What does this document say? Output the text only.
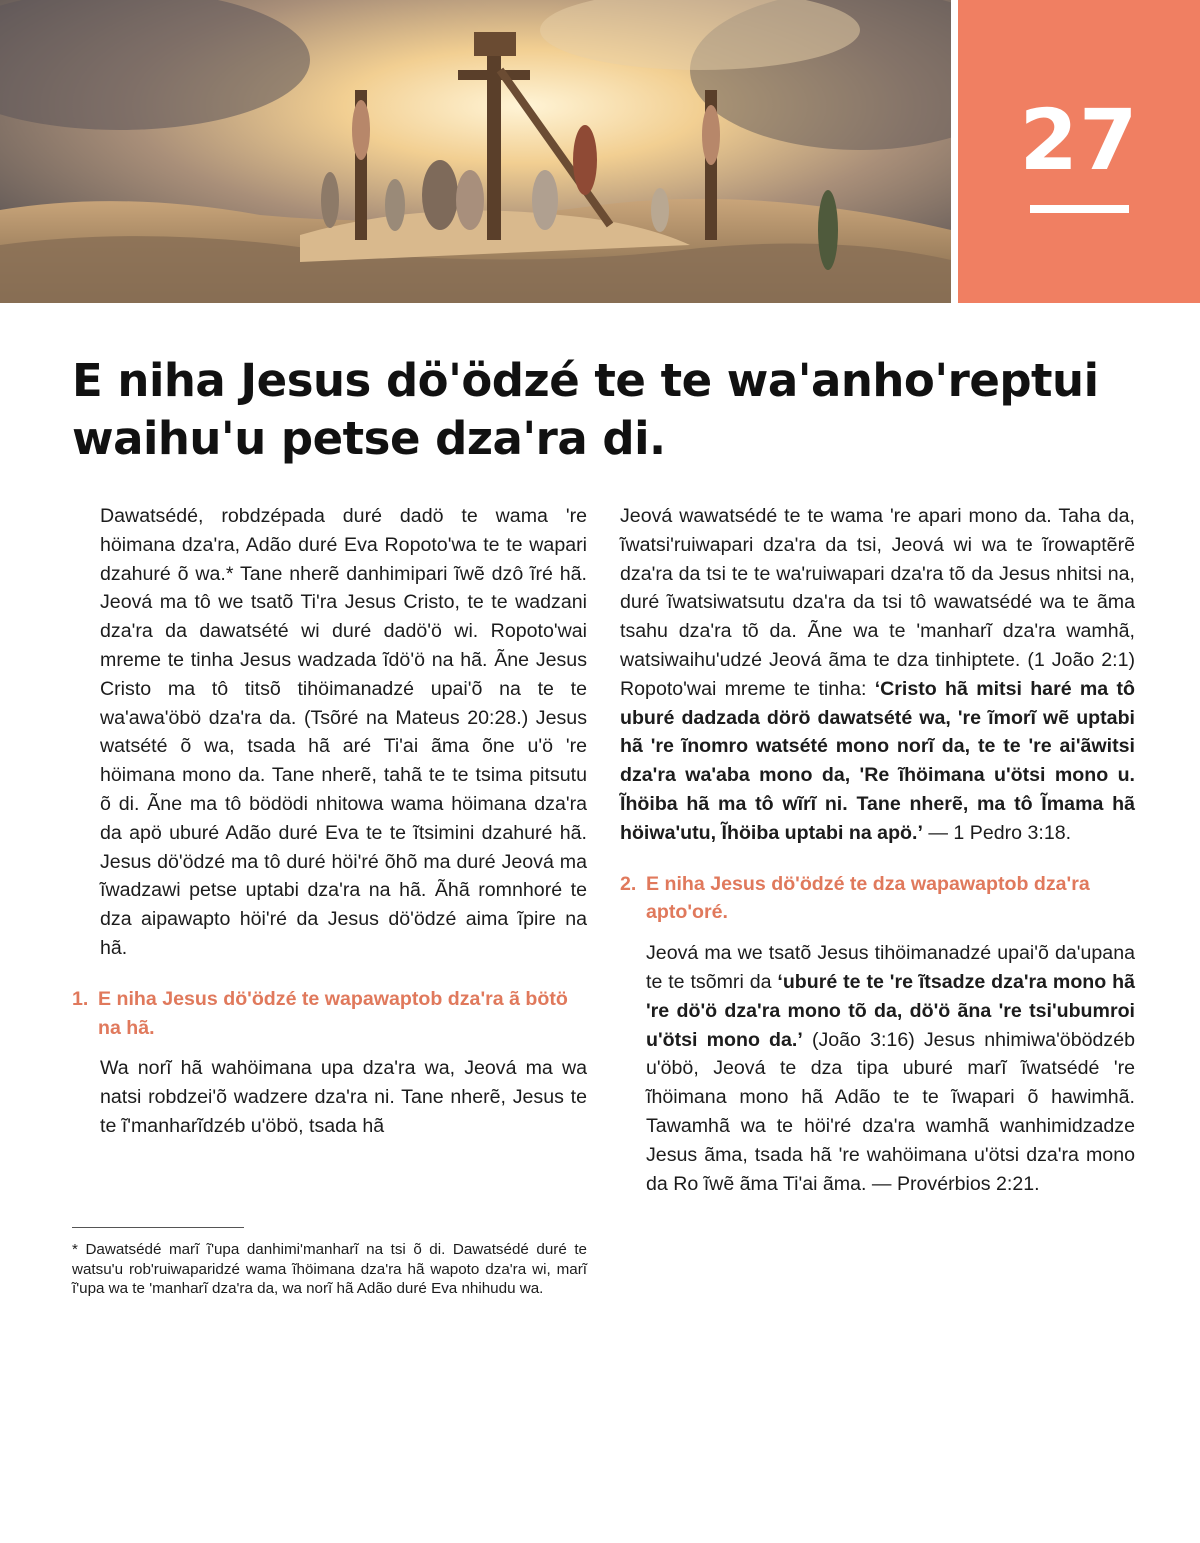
27
E niha Jesus dö'ödzé te te wa'anho'reptui waihu'u petse dza'ra di.

Dawatsédé, robdzépada duré dadö te wama 're höimana dza'ra, Adão duré Eva Ropoto'wa te te wapari dzahuré õ wa.* Tane nherẽ danhimipari ĩwẽ dzô ĩré hã. Jeová ma tô we tsatõ Ti'ra Jesus Cristo, te te wadzani dza'ra da dawatsété wi duré dadö'ö wi. Ropoto'wai mreme te tinha Jesus wadzada ĩdö'ö na hã. Ãne Jesus Cristo ma tô titsõ tihöimanadzé upai'õ na te te wa'awa'öbö dza'ra da. (Tsõré na Mateus 20:28.) Jesus watsété õ wa, tsada hã aré Ti'ai ãma õne u'ö 're höimana mono da. Tane nherẽ, tahã te te tsima pitsutu õ di. Ãne ma tô bödödi nhitowa wama höimana dza'ra da apö uburé Adão duré Eva te te ĩtsimini dzahuré hã. Jesus dö'ödzé ma tô duré höi'ré õhõ ma duré Jeová ma ĩwadzawi petse uptabi dza'ra na hã. Ãhã romnhoré te dza aipawapto höi'ré da Jesus dö'ödzé aima ĩpire na hã.

1. E niha Jesus dö'ödzé te wapawaptob dza'ra ã bötö na hã.

Wa norĩ hã wahöimana upa dza'ra wa, Jeová ma wa natsi robdzei'õ wadzere dza'ra ni. Tane nherẽ, Jesus te te ĩ'manharĩdzéb u'öbö, tsada hã

* Dawatsédé marĩ ĩ'upa danhimi'manharĩ na tsi õ di. Dawatsédé duré te watsu'u rob'ruiwaparidzé wama ĩhöimana dza'ra hã wapoto dza'ra wi, marĩ ĩ'upa wa te 'manharĩ dza'ra da, wa norĩ hã Adão duré Eva nhihudu wa.

Jeová wawatsédé te te wama 're apari mono da. Taha da, ĩwatsi'ruiwapari dza'ra da tsi, Jeová wi wa te ĩrowaptẽrẽ dza'ra da tsi te te wa'ruiwapari dza'ra tõ da Jesus nhitsi na, duré ĩwatsiwatsutu dza'ra da tsi tô wawatsédé wa te ãma tsahu dza'ra tõ da. Ãne wa te 'manharĩ dza'ra wamhã, watsiwaihu'udzé Jeová ãma te dza tinhiptete. (1 João 2:1) Ropoto'wai mreme te tinha: ‘Cristo hã mitsi haré ma tô uburé dadzada dörö dawatsété wa, 're ĩmorĩ wẽ uptabi hã 're ĩnomro watsété mono norĩ da, te te 're ai'ãwitsi dza'ra wa'aba mono da, 'Re ĩhöimana u'ötsi mono u. Ĩhöiba hã ma tô wĩrĩ ni. Tane nherẽ, ma tô Ĩmama hã höiwa'utu, Ĩhöiba uptabi na apö.’ — 1 Pedro 3:18.

2. E niha Jesus dö'ödzé te dza wapawaptob dza'ra apto'oré.

Jeová ma we tsatõ Jesus tihöimanadzé upai'õ da'upana te te tsõmri da ‘uburé te te 're ĩtsadze dza'ra mono hã 're dö'ö dza'ra mono tõ da, dö'ö ãna 're tsi'ubumroi u'ötsi mono da.’ (João 3:16) Jesus nhimiwa'öbödzéb u'öbö, Jeová te dza tipa uburé marĩ ĩwatsédé 're ĩhöimana mono hã Adão te te ĩwapari õ hawimhã. Tawamhã wa te höi'ré dza'ra wamhã wanhimidzadze Jesus ãma, tsada hã 're wahöimana u'ötsi dza'ra mono da Ro ĩwẽ ãma Ti'ai ãma. — Provérbios 2:21.
